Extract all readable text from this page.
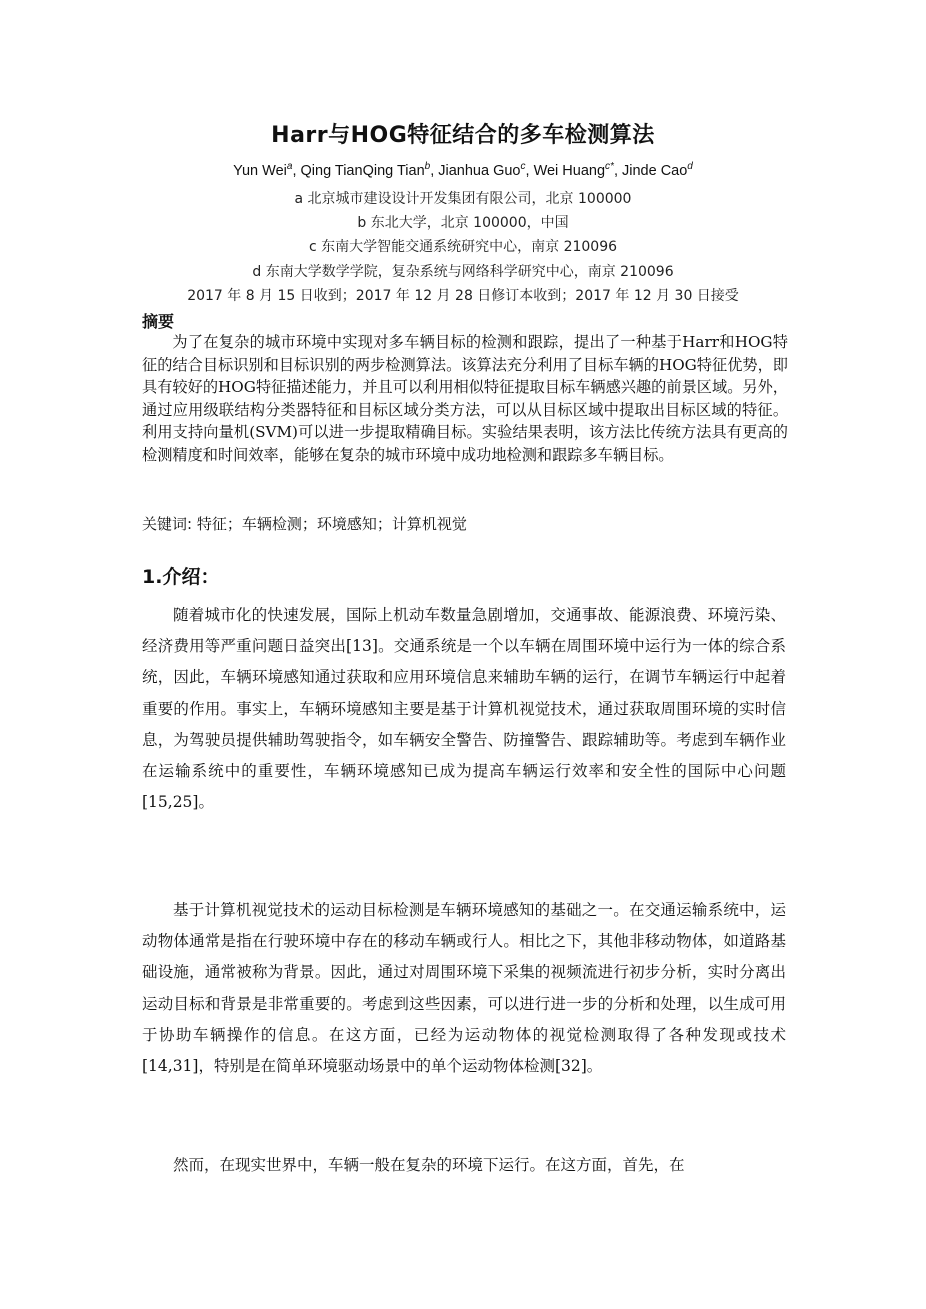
Harr与HOG特征结合的多车检测算法
Yun Wei$^a$, Qing TianQing Tian$^b$, Jianhua Guo$^c$, Wei Huang$^{c*}$, Jinde Cao$^d$
a 北京城市建设设计开发集团有限公司，北京 100000
b 东北大学，北京 100000，中国
c 东南大学智能交通系统研究中心，南京 210096
d 东南大学数学学院，复杂系统与网络科学研究中心，南京 210096
2017 年 8 月 15 日收到；2017 年 12 月 28 日修订本收到；2017 年 12 月 30 日接受
摘要
为了在复杂的城市环境中实现对多车辆目标的检测和跟踪，提出了一种基于Harr和HOG特征的结合目标识别和目标识别的两步检测算法。该算法充分利用了目标车辆的HOG特征优势，即具有较好的HOG特征描述能力，并且可以利用相似特征提取目标车辆感兴趣的前景区域。另外，通过应用级联结构分类器特征和目标区域分类方法，可以从目标区域中提取出目标区域的特征。利用支持向量机(SVM)可以进一步提取精确目标。实验结果表明，该方法比传统方法具有更高的检测精度和时间效率，能够在复杂的城市环境中成功地检测和跟踪多车辆目标。
关键词: 特征；车辆检测；环境感知；计算机视觉
1.介绍：

随着城市化的快速发展，国际上机动车数量急剧增加，交通事故、能源浪费、环境污染、经济费用等严重问题日益突出[13]。交通系统是一个以车辆在周围环境中运行为一体的综合系统，因此，车辆环境感知通过获取和应用环境信息来辅助车辆的运行，在调节车辆运行中起着重要的作用。事实上，车辆环境感知主要是基于计算机视觉技术，通过获取周围环境的实时信息，为驾驶员提供辅助驾驶指令，如车辆安全警告、防撞警告、跟踪辅助等。考虑到车辆作业在运输系统中的重要性，车辆环境感知已成为提高车辆运行效率和安全性的国际中心问题[15,25]。

基于计算机视觉技术的运动目标检测是车辆环境感知的基础之一。在交通运输系统中，运动物体通常是指在行驶环境中存在的移动车辆或行人。相比之下，其他非移动物体，如道路基础设施，通常被称为背景。因此，通过对周围环境下采集的视频流进行初步分析，实时分离出运动目标和背景是非常重要的。考虑到这些因素，可以进行进一步的分析和处理，以生成可用于协助车辆操作的信息。在这方面，已经为运动物体的视觉检测取得了各种发现或技术[14,31]，特别是在简单环境驱动场景中的单个运动物体检测[32]。

然而，在现实世界中，车辆一般在复杂的环境下运行。在这方面，首先，在
